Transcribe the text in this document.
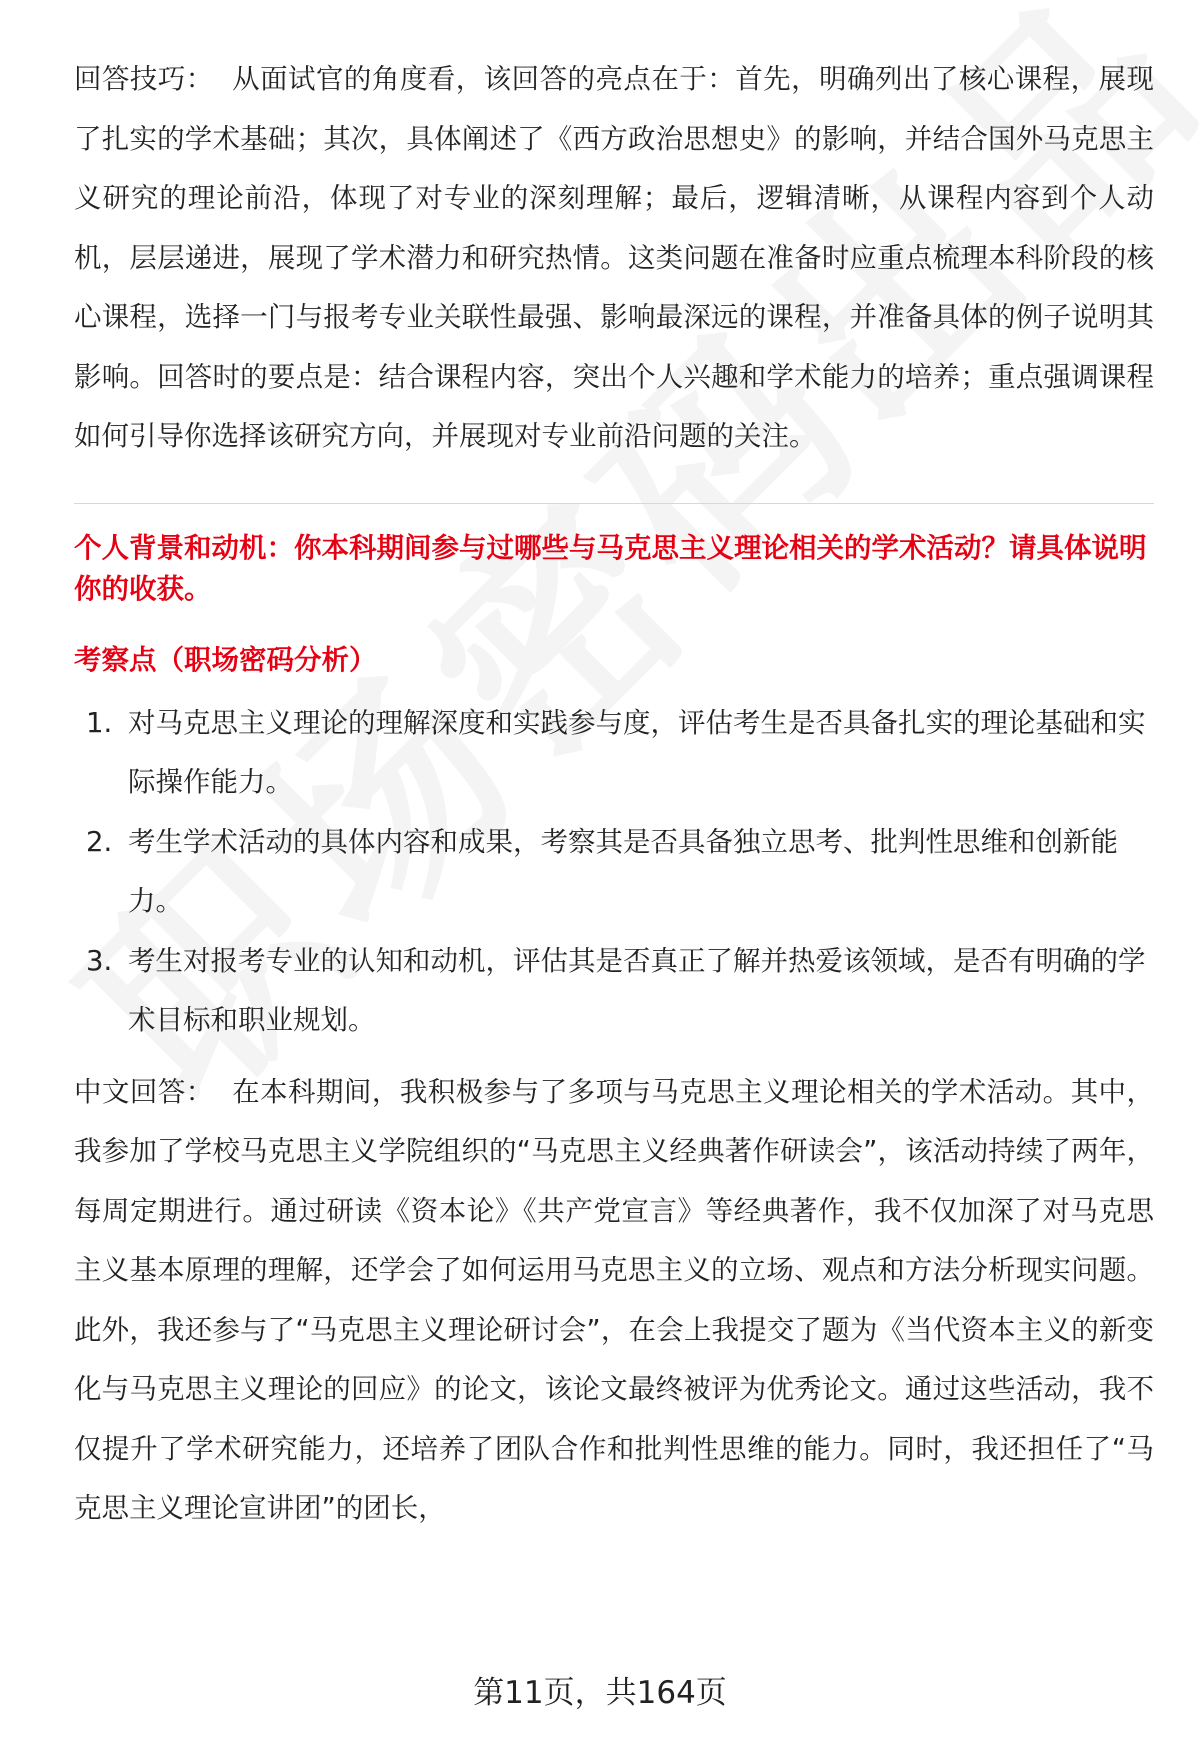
回答技巧： 从面试官的角度看，该回答的亮点在于：首先，明确列出了核心课程，展现了扎实的学术基础；其次，具体阐述了《西方政治思想史》的影响，并结合国外马克思主义研究的理论前沿，体现了对专业的深刻理解；最后，逻辑清晰，从课程内容到个人动机，层层递进，展现了学术潜力和研究热情。这类问题在准备时应重点梳理本科阶段的核心课程，选择一门与报考专业关联性最强、影响最深远的课程，并准备具体的例子说明其影响。回答时的要点是：结合课程内容，突出个人兴趣和学术能力的培养；重点强调课程如何引导你选择该研究方向，并展现对专业前沿问题的关注。

个人背景和动机：你本科期间参与过哪些与马克思主义理论相关的学术活动？请具体说明你的收获。

考察点（职场密码分析）

1. 对马克思主义理论的理解深度和实践参与度，评估考生是否具备扎实的理论基础和实际操作能力。
2. 考生学术活动的具体内容和成果，考察其是否具备独立思考、批判性思维和创新能力。
3. 考生对报考专业的认知和动机，评估其是否真正了解并热爱该领域，是否有明确的学术目标和职业规划。

中文回答： 在本科期间，我积极参与了多项与马克思主义理论相关的学术活动。其中，我参加了学校马克思主义学院组织的“马克思主义经典著作研读会”，该活动持续了两年，每周定期进行。通过研读《资本论》《共产党宣言》等经典著作，我不仅加深了对马克思主义基本原理的理解，还学会了如何运用马克思主义的立场、观点和方法分析现实问题。此外，我还参与了“马克思主义理论研讨会”，在会上我提交了题为《当代资本主义的新变化与马克思主义理论的回应》的论文，该论文最终被评为优秀论文。通过这些活动，我不仅提升了学术研究能力，还培养了团队合作和批判性思维的能力。同时，我还担任了“马克思主义理论宣讲团”的团长，

第11页，共164页
